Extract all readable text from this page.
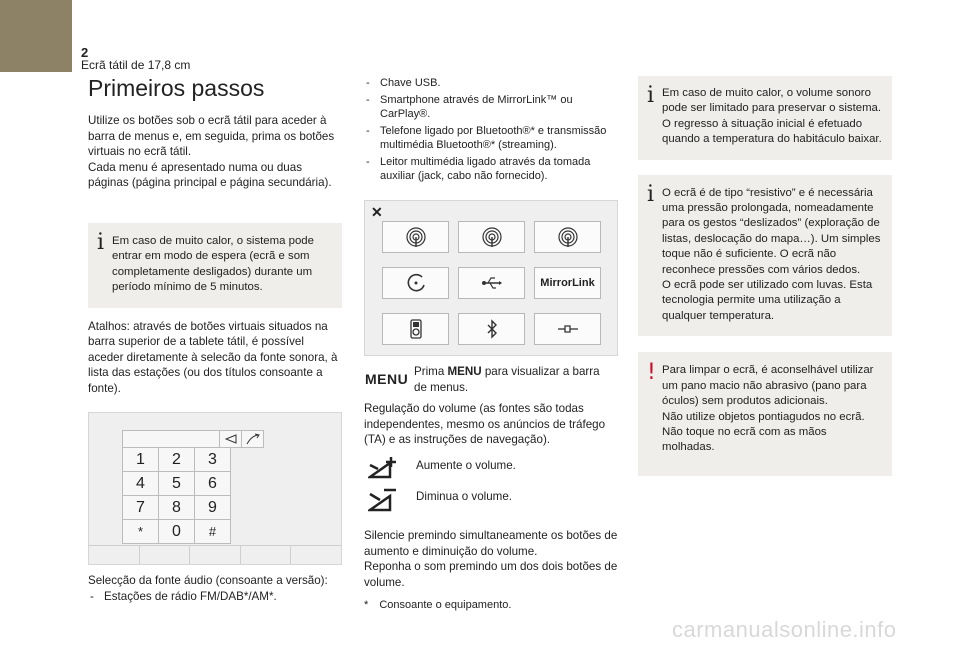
2
Ecrã tátil de 17,8 cm
Primeiros passos

Utilize os botões sob o ecrã tátil para aceder à barra de menus e, em seguida, prima os botões virtuais no ecrã tátil.

Cada menu é apresentado numa ou duas páginas (página principal e página secundária).

i Em caso de muito calor, o sistema pode entrar em modo de espera (ecrã e som completamente desligados) durante um período mínimo de 5 minutos.

Atalhos: através de botões virtuais situados na barra superior de a tablete tátil, é possível aceder diretamente à selecão da fonte sonora, à lista das estações (ou dos títulos consoante a fonte).

1	2	3
4	5	6
7	8	9
*	0	#

Selecção da fonte áudio (consoante a versão):

- Estações de rádio FM/DAB*/AM*.
- Chave USB.
- Smartphone através de MirrorLink™ ou CarPlay®.
- Telefone ligado por Bluetooth®* e transmissão multimédia Bluetooth®* (streaming).
- Leitor multimédia ligado através da tomada auxiliar (jack, cabo não fornecido).
✕
MirrorLink
MENU Prima MENU para visualizar a barra de menus.

Regulação do volume (as fontes são todas independentes, mesmo os anúncios de tráfego (TA) e as instruções de navegação).

Aumente o volume.

Diminua o volume.

Silencie premindo simultaneamente os botões de aumento e diminuição do volume.

Reponha o som premindo um dos dois botões de volume.

* Consoante o equipamento.
i Em caso de muito calor, o volume sonoro pode ser limitado para preservar o sistema. O regresso à situação inicial é efetuado quando a temperatura do habitáculo baixar.

i O ecrã é de tipo “resistivo” e é necessária uma pressão prolongada, nomeadamente para os gestos “deslizados” (exploração de listas, deslocação do mapa…). Um simples toque não é suficiente. O ecrã não reconhece pressões com vários dedos.

O ecrã pode ser utilizado com luvas. Esta tecnologia permite uma utilização a qualquer temperatura.

! Para limpar o ecrã, é aconselhável utilizar um pano macio não abrasivo (pano para óculos) sem produtos adicionais.

Não utilize objetos pontiagudos no ecrã.

Não toque no ecrã com as mãos molhadas.

carmanualsonline.info
